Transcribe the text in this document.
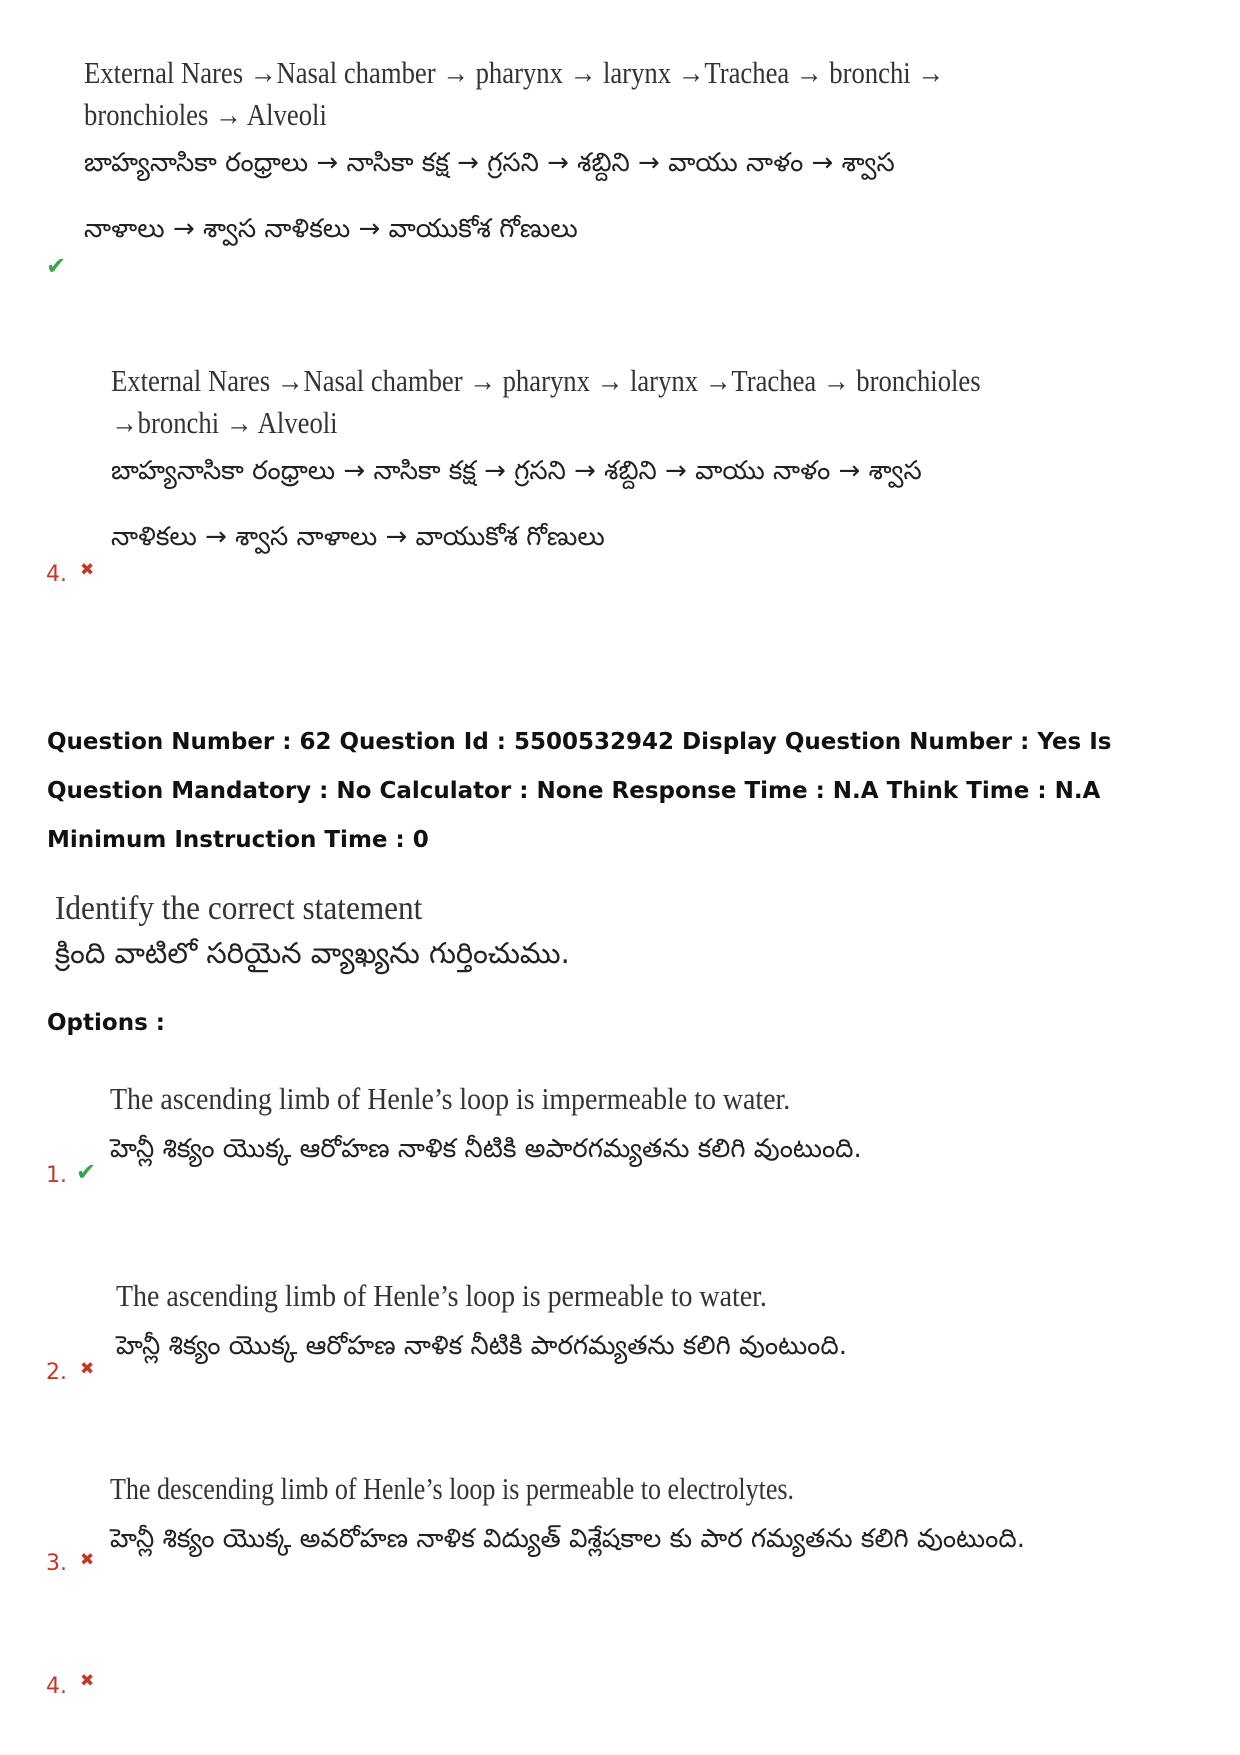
External Nares →Nasal chamber → pharynx → larynx →Trachea → bronchi →
bronchioles → Alveoli
బాహ్యనాసికా రంధ్రాలు → నాసికా కక్ష → గ్రసని → శబ్దిని → వాయు నాళం → శ్వాస
నాళాలు → శ్వాస నాళికలు → వాయుకోశ గోణులు
✔
External Nares →Nasal chamber → pharynx → larynx →Trachea → bronchioles
→bronchi → Alveoli
బాహ్యనాసికా రంధ్రాలు → నాసికా కక్ష → గ్రసని → శబ్దిని → వాయు నాళం → శ్వాస
నాళికలు → శ్వాస నాళాలు → వాయుకోశ గోణులు
4. ✖
Question Number : 62 Question Id : 5500532942 Display Question Number : Yes Is Question Mandatory : No Calculator : None Response Time : N.A Think Time : N.A Minimum Instruction Time : 0
Identify the correct statement
క్రింది వాటిలో సరియైన వ్యాఖ్యను గుర్తించుము.
Options :
The ascending limb of Henle’s loop is impermeable to water.
హెన్లీ శిక్యం యొక్క ఆరోహణ నాళిక నీటికి అపారగమ్యతను కలిగి వుంటుంది.
1. ✔
The ascending limb of Henle’s loop is permeable to water.
హెన్లీ శిక్యం యొక్క ఆరోహణ నాళిక నీటికి పారగమ్యతను కలిగి వుంటుంది.
2. ✖
The descending limb of Henle’s loop is permeable to electrolytes.
హెన్లీ శిక్యం యొక్క అవరోహణ నాళిక విద్యుత్ విశ్లేషకాల కు పార గమ్యతను కలిగి వుంటుంది.
3. ✖
4. ✖
